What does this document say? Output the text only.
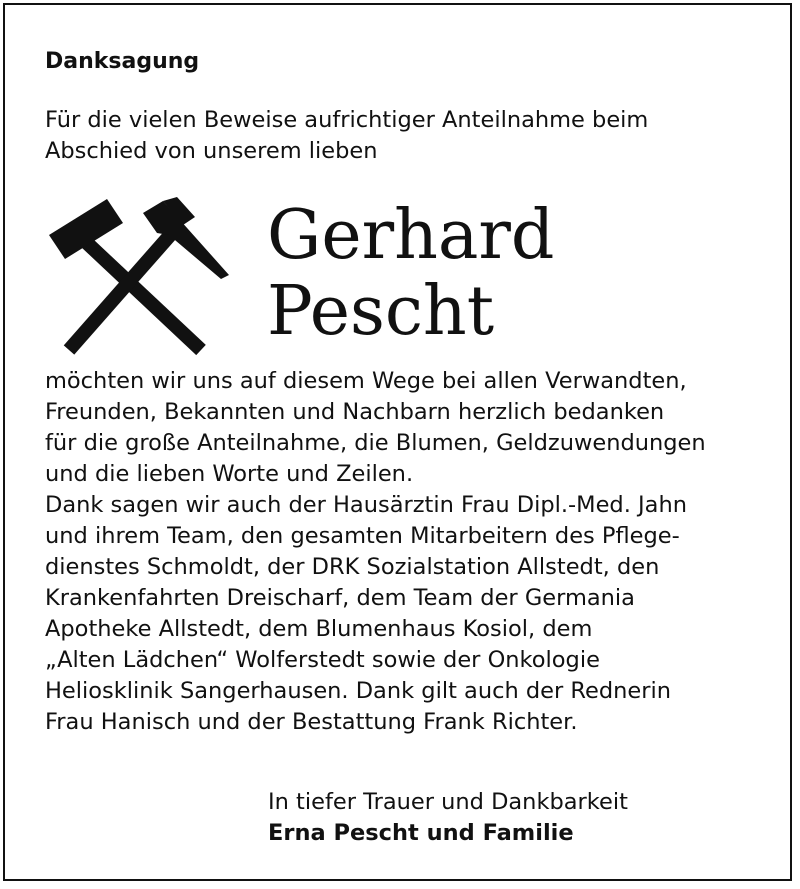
Danksagung
Für die vielen Beweise aufrichtiger Anteilnahme beim
Abschied von unserem lieben
Gerhard
Pescht
möchten wir uns auf diesem Wege bei allen Verwandten,
Freunden, Bekannten und Nachbarn herzlich bedanken
für die große Anteilnahme, die Blumen, Geldzuwendungen
und die lieben Worte und Zeilen.
Dank sagen wir auch der Hausärztin Frau Dipl.-Med. Jahn
und ihrem Team, den gesamten Mitarbeitern des Pflege-
dienstes Schmoldt, der DRK Sozialstation Allstedt, den
Krankenfahrten Dreischarf, dem Team der Germania
Apotheke Allstedt, dem Blumenhaus Kosiol, dem
„Alten Lädchen“ Wolferstedt sowie der Onkologie
Heliosklinik Sangerhausen. Dank gilt auch der Rednerin
Frau Hanisch und der Bestattung Frank Richter.
In tiefer Trauer und Dankbarkeit
Erna Pescht und Familie
